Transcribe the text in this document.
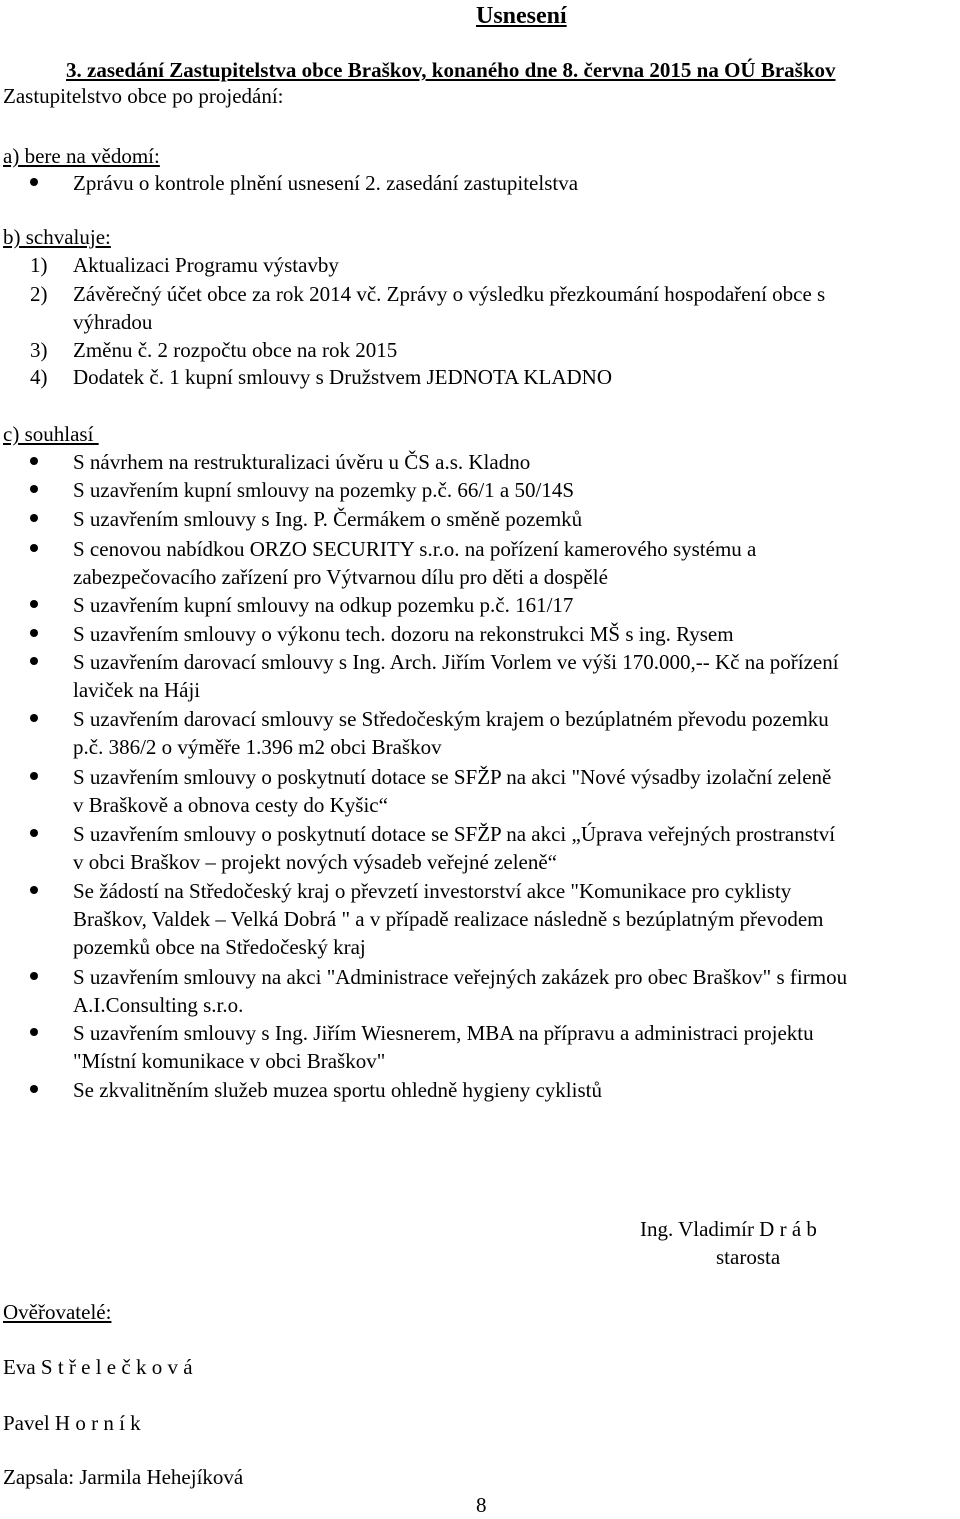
Usnesení
3. zasedání Zastupitelstva obce Braškov, konaného dne 8. června 2015 na OÚ Braškov
Zastupitelstvo obce po projedání:
a) bere na vědomí:
Zprávu o kontrole plnění usnesení 2. zasedání zastupitelstva
b) schvaluje:
1) Aktualizaci Programu výstavby
2) Závěrečný účet obce za rok 2014 vč. Zprávy o výsledku přezkoumání hospodaření obce s
výhradou
3) Změnu č. 2 rozpočtu obce na rok 2015
4) Dodatek č. 1 kupní smlouvy s Družstvem JEDNOTA KLADNO
c) souhlasí
S návrhem na restrukturalizaci úvěru u ČS a.s. Kladno
S uzavřením kupní smlouvy na pozemky p.č. 66/1 a 50/14S
S uzavřením smlouvy s Ing. P. Čermákem o směně pozemků
S cenovou nabídkou ORZO SECURITY s.r.o. na pořízení kamerového systému a
zabezpečovacího zařízení pro Výtvarnou dílu pro děti a dospělé
S uzavřením kupní smlouvy na odkup pozemku p.č. 161/17
S uzavřením smlouvy o výkonu tech. dozoru na rekonstrukci MŠ s ing. Rysem
S uzavřením darovací smlouvy s Ing. Arch. Jiřím Vorlem ve výši 170.000,-- Kč na pořízení
laviček na Háji
S uzavřením darovací smlouvy se Středočeským krajem o bezúplatném převodu pozemku
p.č. 386/2 o výměře 1.396 m2 obci Braškov
S uzavřením smlouvy o poskytnutí dotace se SFŽP na akci "Nové výsadby izolační zeleně
v Braškově a obnova cesty do Kyšic“
S uzavřením smlouvy o poskytnutí dotace se SFŽP na akci „Úprava veřejných prostranství
v obci Braškov – projekt nových výsadeb veřejné zeleně“
Se žádostí na Středočeský kraj o převzetí investorství akce "Komunikace pro cyklisty
Braškov, Valdek – Velká Dobrá " a v případě realizace následně s bezúplatným převodem
pozemků obce na Středočeský kraj
S uzavřením smlouvy na akci "Administrace veřejných zakázek pro obec Braškov" s firmou
A.I.Consulting s.r.o.
S uzavřením smlouvy s Ing. Jiřím Wiesnerem, MBA na přípravu a administraci projektu
"Místní komunikace v obci Braškov"
Se zkvalitněním služeb muzea sportu ohledně hygieny cyklistů
Ing. Vladimír D r á b
starosta
Ověřovatelé:
Eva S t ř e l e č k o v á
Pavel H o r n í k
Zapsala: Jarmila Hehejíková
8
